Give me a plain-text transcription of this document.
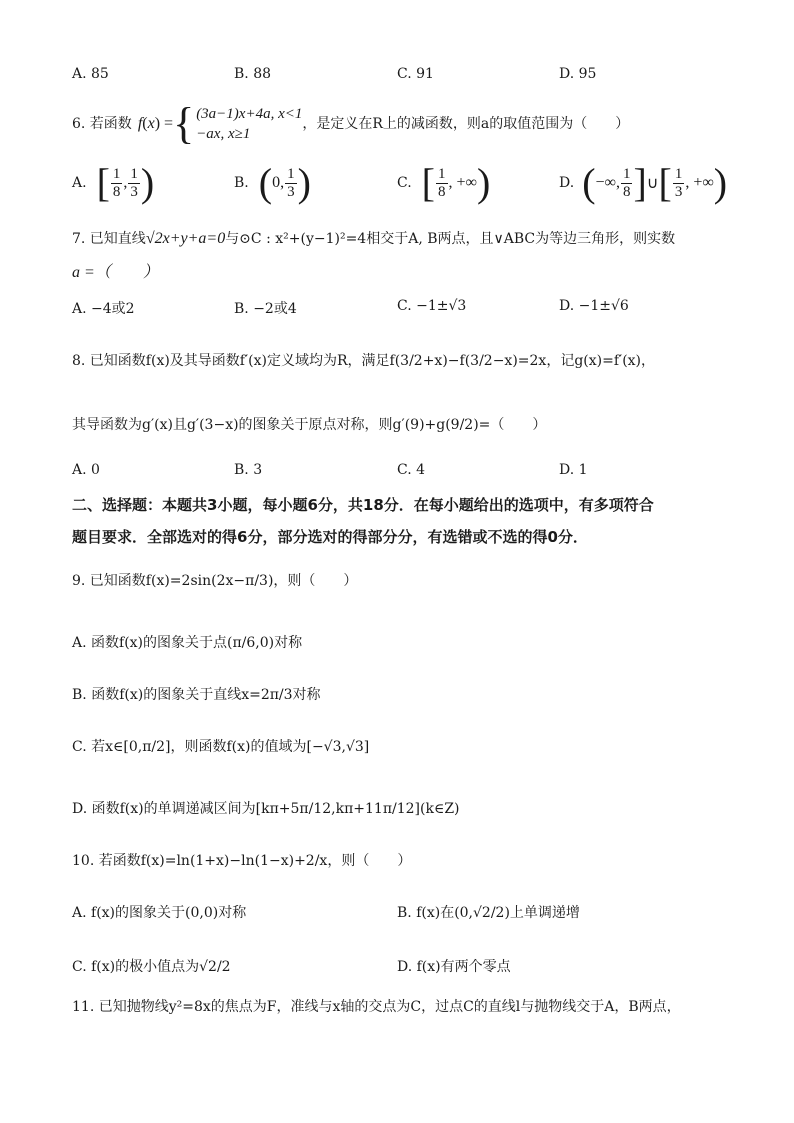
A. 85	B. 88	C. 91	D. 95
6. 若函数 f ( x ) = { (3a−1)x+4a, x<1
−ax, x≥1
，是定义在R上的减函数，则a的取值范围为（　　）
A. [ $\frac{1}{8}$ , $\frac{1}{3}$ )	B. ( 0, $\frac{1}{3}$ )	C. [ $\frac{1}{8}$ , +∞ )	D. ( −∞, $\frac{1}{8}$ ] ∪ [ $\frac{1}{3}$ , +∞ )
7. 已知直线√2x+y+a=0与⊙C : x²+(y−1)²=4相交于A, B两点，且∨ABC为等边三角形，则实数
a =（　　）
A. −4或2	B. −2或4	C. −1±√3	D. −1±√6
8. 已知函数f(x)及其导函数f′(x)定义域均为R，满足f(3/2+x)−f(3/2−x)=2x，记g(x)=f′(x)，
其导函数为g′(x)且g′(3−x)的图象关于原点对称，则g′(9)+g(9/2)=（　　）
A. 0	B. 3	C. 4	D. 1
二、选择题：本题共3小题，每小题6分，共18分．在每小题给出的选项中，有多项符合
题目要求．全部选对的得6分，部分选对的得部分分，有选错或不选的得0分．
9. 已知函数f(x)=2sin(2x−π/3)，则（　　）
A. 函数f(x)的图象关于点(π/6,0)对称
B. 函数f(x)的图象关于直线x=2π/3对称
C. 若x∈[0,π/2]，则函数f(x)的值域为[−√3,√3]
D. 函数f(x)的单调递减区间为[kπ+5π/12,kπ+11π/12](k∈Z)
10. 若函数f(x)=ln(1+x)−ln(1−x)+2/x，则（　　）
A. f(x)的图象关于(0,0)对称	B. f(x)在(0,√2/2)上单调递增
C. f(x)的极小值点为√2/2	D. f(x)有两个零点
11. 已知抛物线y²=8x的焦点为F，准线与x轴的交点为C，过点C的直线l与抛物线交于A，B两点，
